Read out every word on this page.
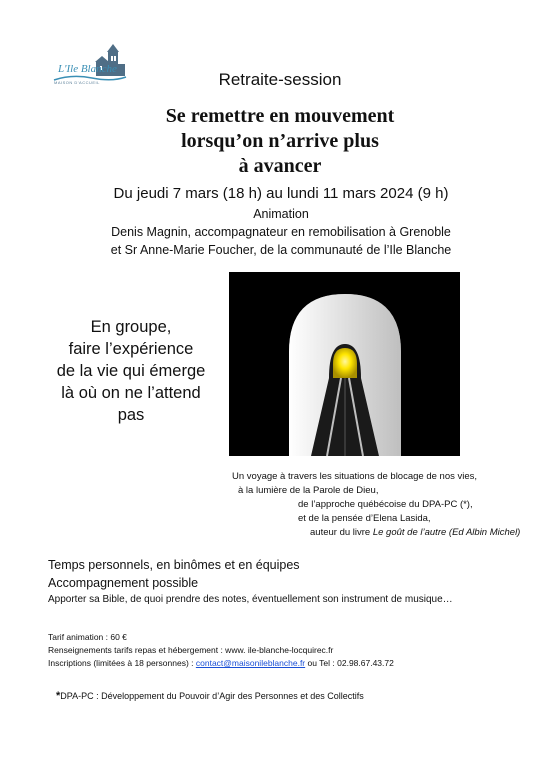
L'Ile Blanche
MAISON D'ACCUEIL	Retraite-session
Se remettre en mouvement
lorsqu’on n’arrive plus
à avancer
Du jeudi 7 mars (18 h) au lundi 11 mars 2024 (9 h)
Animation
Denis Magnin, accompagnateur en remobilisation à Grenoble
et Sr Anne-Marie Foucher, de la communauté de l’Ile Blanche
En groupe,
faire l’expérience
de la vie qui émerge
là où on ne l’attend
pas
Un voyage à travers les situations de blocage de nos vies,
à la lumière de la Parole de Dieu,
de l’approche québécoise du DPA-PC (*),
et de la pensée d’Elena Lasida,
auteur du livre Le goût de l’autre (Ed Albin Michel)
Temps personnels, en binômes et en équipes
Accompagnement possible
Apporter sa Bible, de quoi prendre des notes, éventuellement son instrument de musique…
Tarif animation : 60 €
Renseignements tarifs repas et hébergement : www. ile-blanche-locquirec.fr
Inscriptions (limitées à 18 personnes) : contact@maisonileblanche.fr ou Tel : 02.98.67.43.72
*DPA-PC : Développement du Pouvoir d’Agir des Personnes et des Collectifs
